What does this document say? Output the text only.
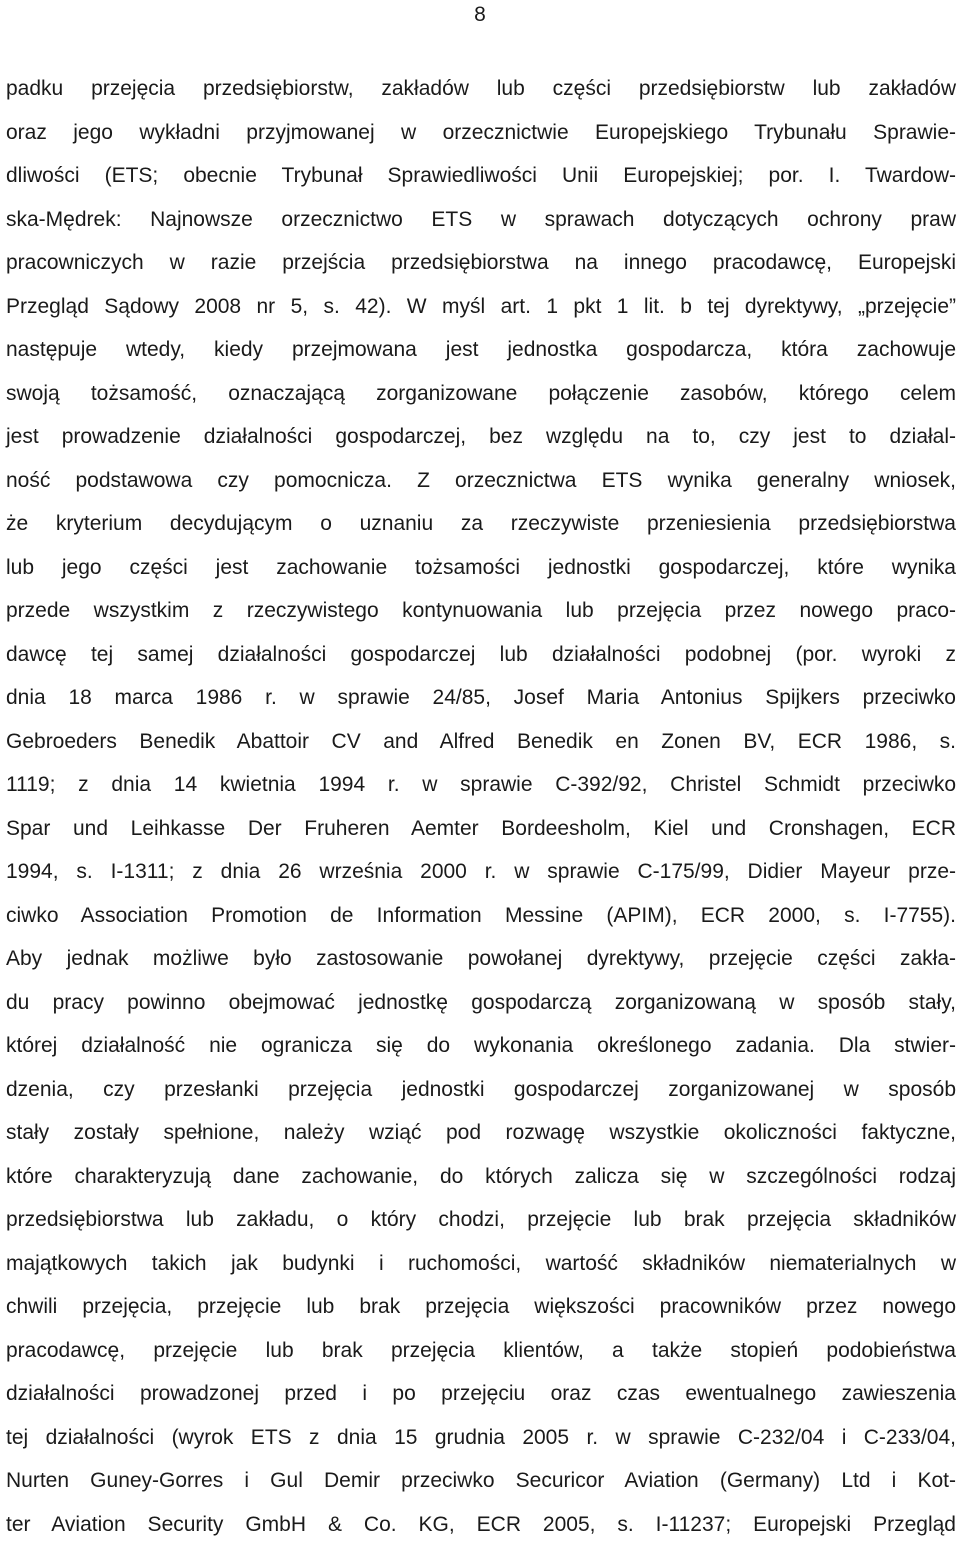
8
padku przejęcia przedsiębiorstw, zakładów lub części przedsiębiorstw lub zakładów
oraz jego wykładni przyjmowanej w orzecznictwie Europejskiego Trybunału Sprawie-
dliwości (ETS; obecnie Trybunał Sprawiedliwości Unii Europejskiej; por. I. Twardow-
ska-Mędrek: Najnowsze orzecznictwo ETS w sprawach dotyczących ochrony praw
pracowniczych w razie przejścia przedsiębiorstwa na innego pracodawcę, Europejski
Przegląd Sądowy 2008 nr 5, s. 42). W myśl art. 1 pkt 1 lit. b tej dyrektywy, „przejęcie”
następuje wtedy, kiedy przejmowana jest jednostka gospodarcza, która zachowuje
swoją tożsamość, oznaczającą zorganizowane połączenie zasobów, którego celem
jest prowadzenie działalności gospodarczej, bez względu na to, czy jest to działal-
ność podstawowa czy pomocnicza. Z orzecznictwa ETS wynika generalny wniosek,
że kryterium decydującym o uznaniu za rzeczywiste przeniesienia przedsiębiorstwa
lub jego części jest zachowanie tożsamości jednostki gospodarczej, które wynika
przede wszystkim z rzeczywistego kontynuowania lub przejęcia przez nowego praco-
dawcę tej samej działalności gospodarczej lub działalności podobnej (por. wyroki z
dnia 18 marca 1986 r. w sprawie 24/85, Josef Maria Antonius Spijkers przeciwko
Gebroeders Benedik Abattoir CV and Alfred Benedik en Zonen BV, ECR 1986, s.
1119; z dnia 14 kwietnia 1994 r. w sprawie C-392/92, Christel Schmidt przeciwko
Spar und Leihkasse Der Fruheren Aemter Bordeesholm, Kiel und Cronshagen, ECR
1994, s. I-1311; z dnia 26 września 2000 r. w sprawie C-175/99, Didier Mayeur prze-
ciwko Association Promotion de Information Messine (APIM), ECR 2000, s. I-7755).
Aby jednak możliwe było zastosowanie powołanej dyrektywy, przejęcie części zakła-
du pracy powinno obejmować jednostkę gospodarczą zorganizowaną w sposób stały,
której działalność nie ogranicza się do wykonania określonego zadania. Dla stwier-
dzenia, czy przesłanki przejęcia jednostki gospodarczej zorganizowanej w sposób
stały zostały spełnione, należy wziąć pod rozwagę wszystkie okoliczności faktyczne,
które charakteryzują dane zachowanie, do których zalicza się w szczególności rodzaj
przedsiębiorstwa lub zakładu, o który chodzi, przejęcie lub brak przejęcia składników
majątkowych takich jak budynki i ruchomości, wartość składników niematerialnych w
chwili przejęcia, przejęcie lub brak przejęcia większości pracowników przez nowego
pracodawcę, przejęcie lub brak przejęcia klientów, a także stopień podobieństwa
działalności prowadzonej przed i po przejęciu oraz czas ewentualnego zawieszenia
tej działalności (wyrok ETS z dnia 15 grudnia 2005 r. w sprawie C-232/04 i C-233/04,
Nurten Guney-Gorres i Gul Demir przeciwko Securicor Aviation (Germany) Ltd i Kot-
ter Aviation Security GmbH & Co. KG, ECR 2005, s. I-11237; Europejski Przegląd
